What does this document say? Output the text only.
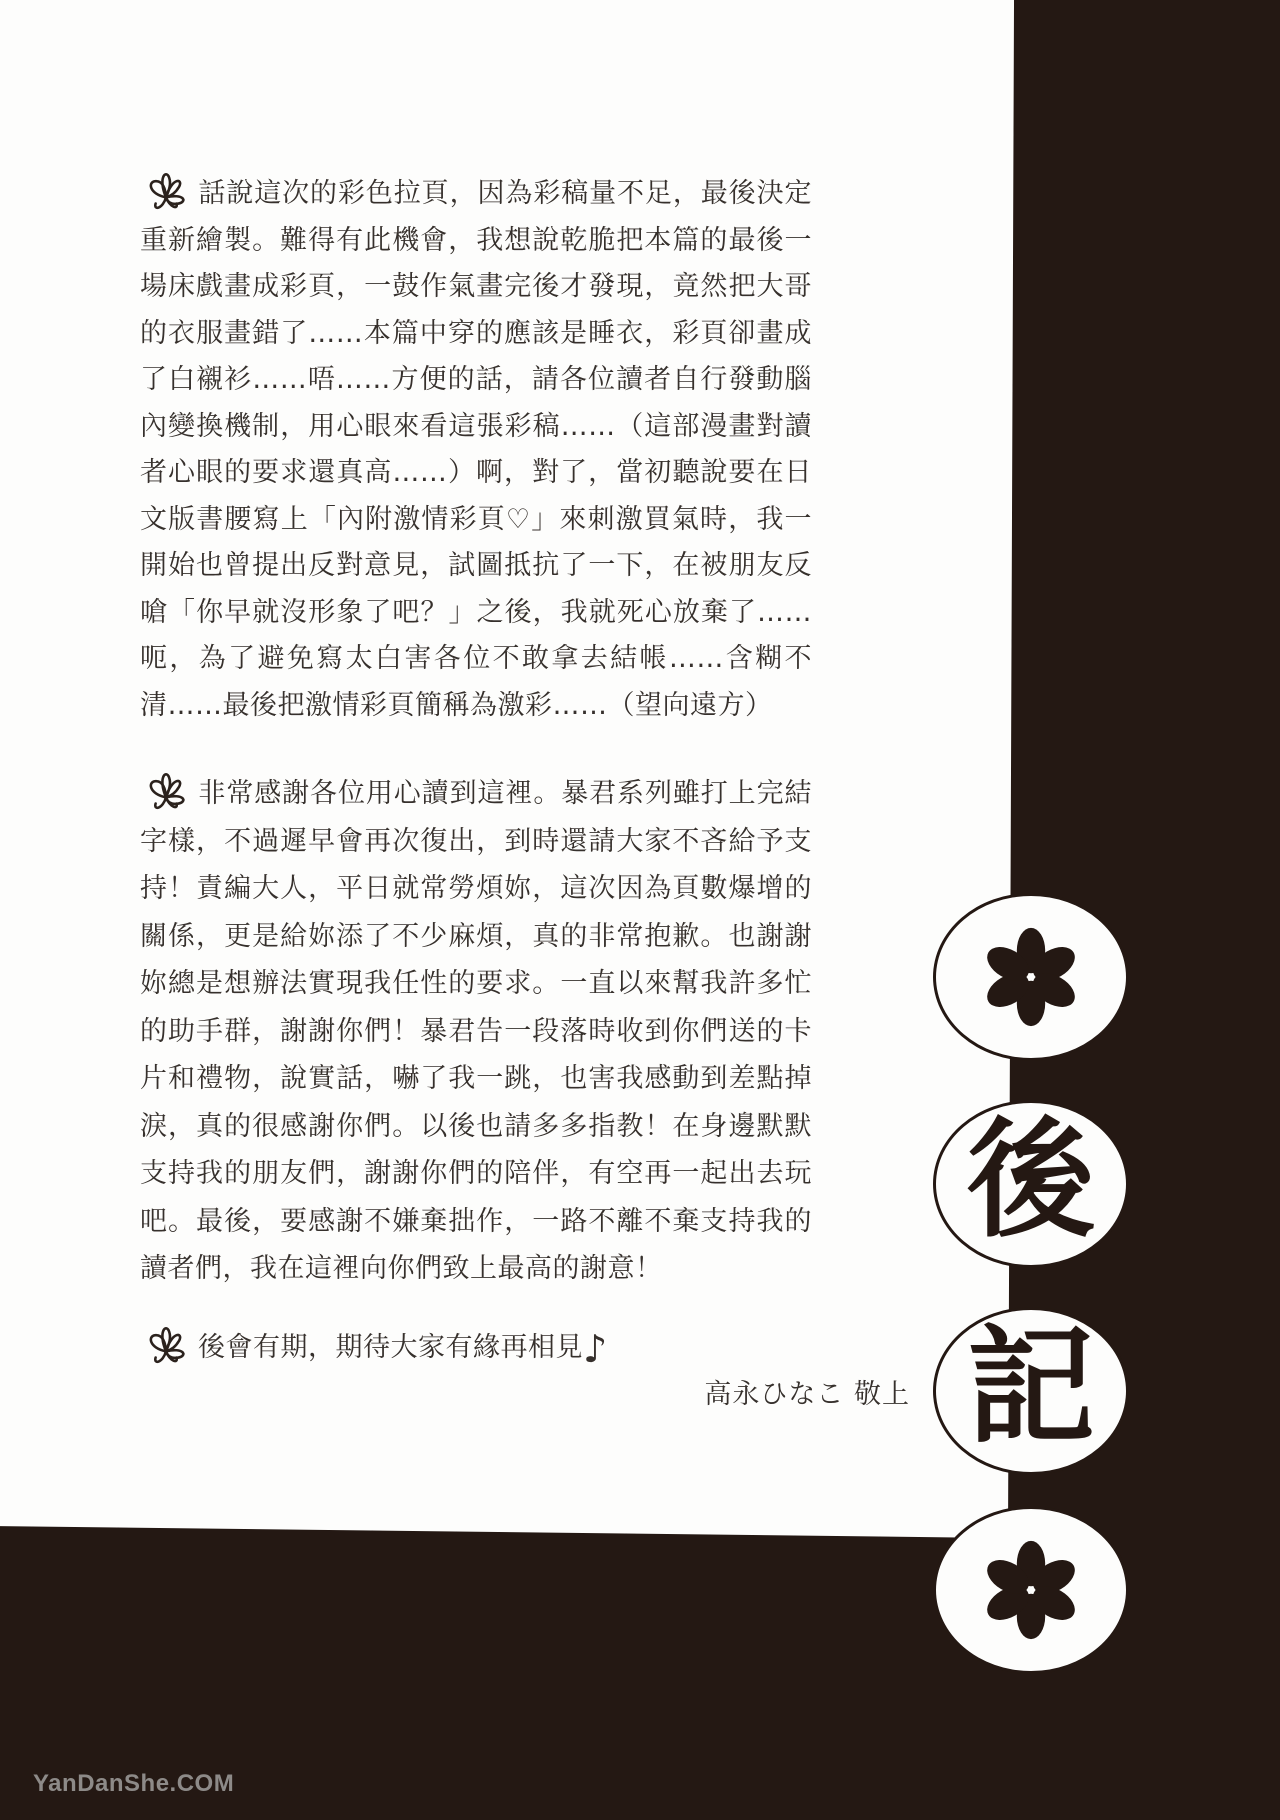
話說這次的彩色拉頁，因為彩稿量不足，最後決定重新繪製。難得有此機會，我想說乾脆把本篇的最後一場床戲畫成彩頁，一鼓作氣畫完後才發現，竟然把大哥的衣服畫錯了……本篇中穿的應該是睡衣，彩頁卻畫成了白襯衫……唔……方便的話，請各位讀者自行發動腦內變換機制，用心眼來看這張彩稿……（這部漫畫對讀者心眼的要求還真高……）啊，對了，當初聽說要在日文版書腰寫上「內附激情彩頁♡」來刺激買氣時，我一開始也曾提出反對意見，試圖抵抗了一下，在被朋友反嗆「你早就沒形象了吧？」之後，我就死心放棄了……呃，為了避免寫太白害各位不敢拿去結帳……含糊不清……最後把激情彩頁簡稱為激彩……（望向遠方）
非常感謝各位用心讀到這裡。暴君系列雖打上完結字樣，不過遲早會再次復出，到時還請大家不吝給予支持！責編大人，平日就常勞煩妳，這次因為頁數爆增的關係，更是給妳添了不少麻煩，真的非常抱歉。也謝謝妳總是想辦法實現我任性的要求。一直以來幫我許多忙的助手群，謝謝你們！暴君告一段落時收到你們送的卡片和禮物，說實話，嚇了我一跳，也害我感動到差點掉淚，真的很感謝你們。以後也請多多指教！在身邊默默支持我的朋友們，謝謝你們的陪伴，有空再一起出去玩吧。最後，要感謝不嫌棄拙作，一路不離不棄支持我的讀者們，我在這裡向你們致上最高的謝意！
後會有期，期待大家有緣再相見♪
高永ひなこ 敬上
後
記
YanDanShe.COM
